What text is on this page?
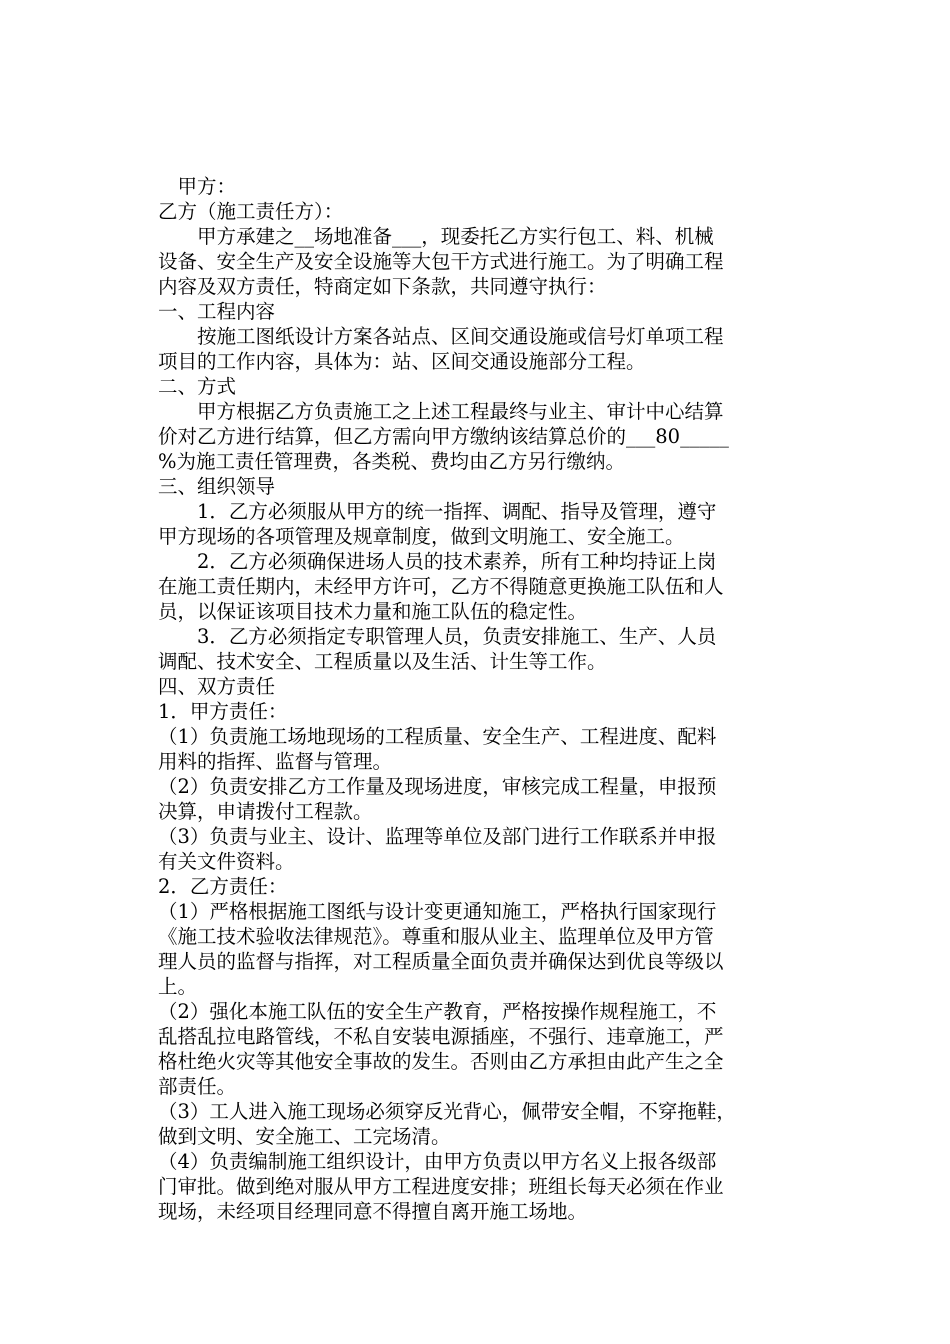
　甲方：
乙方（施工责任方）：
　　甲方承建之__场地准备___，现委托乙方实行包工、料、机械
设备、安全生产及安全设施等大包干方式进行施工。为了明确工程
内容及双方责任，特商定如下条款，共同遵守执行：
一、工程内容
　　按施工图纸设计方案各站点、区间交通设施或信号灯单项工程
项目的工作内容，具体为：站、区间交通设施部分工程。
二、方式
　　甲方根据乙方负责施工之上述工程最终与业主、审计中心结算
价对乙方进行结算，但乙方需向甲方缴纳该结算总价的___80_____
%为施工责任管理费，各类税、费均由乙方另行缴纳。
三、组织领导
　　1．乙方必须服从甲方的统一指挥、调配、指导及管理，遵守
甲方现场的各项管理及规章制度，做到文明施工、安全施工。
　　2．乙方必须确保进场人员的技术素养，所有工种均持证上岗
在施工责任期内，未经甲方许可，乙方不得随意更换施工队伍和人
员，以保证该项目技术力量和施工队伍的稳定性。
　　3．乙方必须指定专职管理人员，负责安排施工、生产、人员
调配、技术安全、工程质量以及生活、计生等工作。
四、双方责任
1．甲方责任：
（1）负责施工场地现场的工程质量、安全生产、工程进度、配料
用料的指挥、监督与管理。
（2）负责安排乙方工作量及现场进度，审核完成工程量，申报预
决算，申请拨付工程款。
（3）负责与业主、设计、监理等单位及部门进行工作联系并申报
有关文件资料。
2．乙方责任：
（1）严格根据施工图纸与设计变更通知施工，严格执行国家现行
《施工技术验收法律规范》。尊重和服从业主、监理单位及甲方管
理人员的监督与指挥，对工程质量全面负责并确保达到优良等级以
上。
（2）强化本施工队伍的安全生产教育，严格按操作规程施工，不
乱搭乱拉电路管线，不私自安装电源插座，不强行、违章施工，严
格杜绝火灾等其他安全事故的发生。否则由乙方承担由此产生之全
部责任。
（3）工人进入施工现场必须穿反光背心，佩带安全帽，不穿拖鞋，
做到文明、安全施工、工完场清。
（4）负责编制施工组织设计，由甲方负责以甲方名义上报各级部
门审批。做到绝对服从甲方工程进度安排；班组长每天必须在作业
现场，未经项目经理同意不得擅自离开施工场地。
